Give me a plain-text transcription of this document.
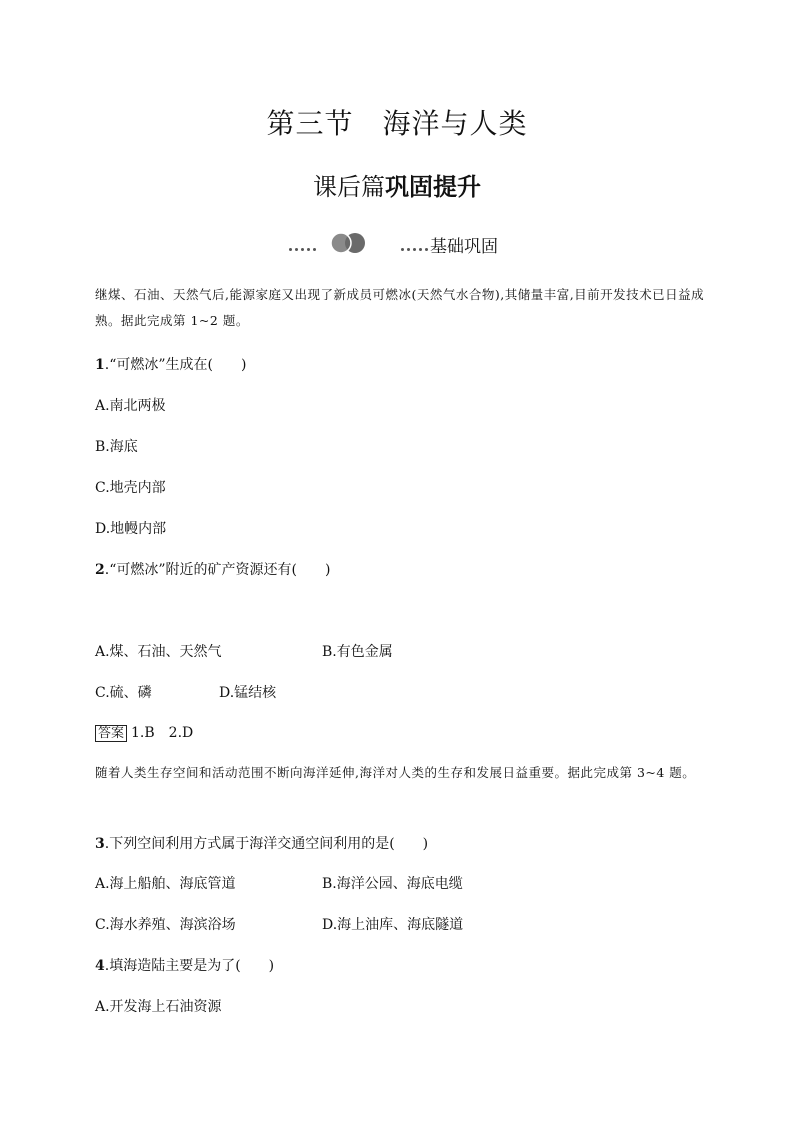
第三节　海洋与人类
课后篇巩固提升
基础巩固
继煤、石油、天然气后,能源家庭又出现了新成员可燃冰(天然气水合物),其储量丰富,目前开发技术已日益成熟。据此完成第 1~2 题。
1.“可燃冰”生成在(　　)
A.南北两极
B.海底
C.地壳内部
D.地幔内部
2.“可燃冰”附近的矿产资源还有(　　)
A.煤、石油、天然气	B.有色金属
C.硫、磷	D.锰结核
答案 1.B　2.D
随着人类生存空间和活动范围不断向海洋延伸,海洋对人类的生存和发展日益重要。据此完成第 3~4 题。
3.下列空间利用方式属于海洋交通空间利用的是(　　)
A.海上船舶、海底管道	B.海洋公园、海底电缆
C.海水养殖、海滨浴场	D.海上油库、海底隧道
4.填海造陆主要是为了(　　)
A.开发海上石油资源
